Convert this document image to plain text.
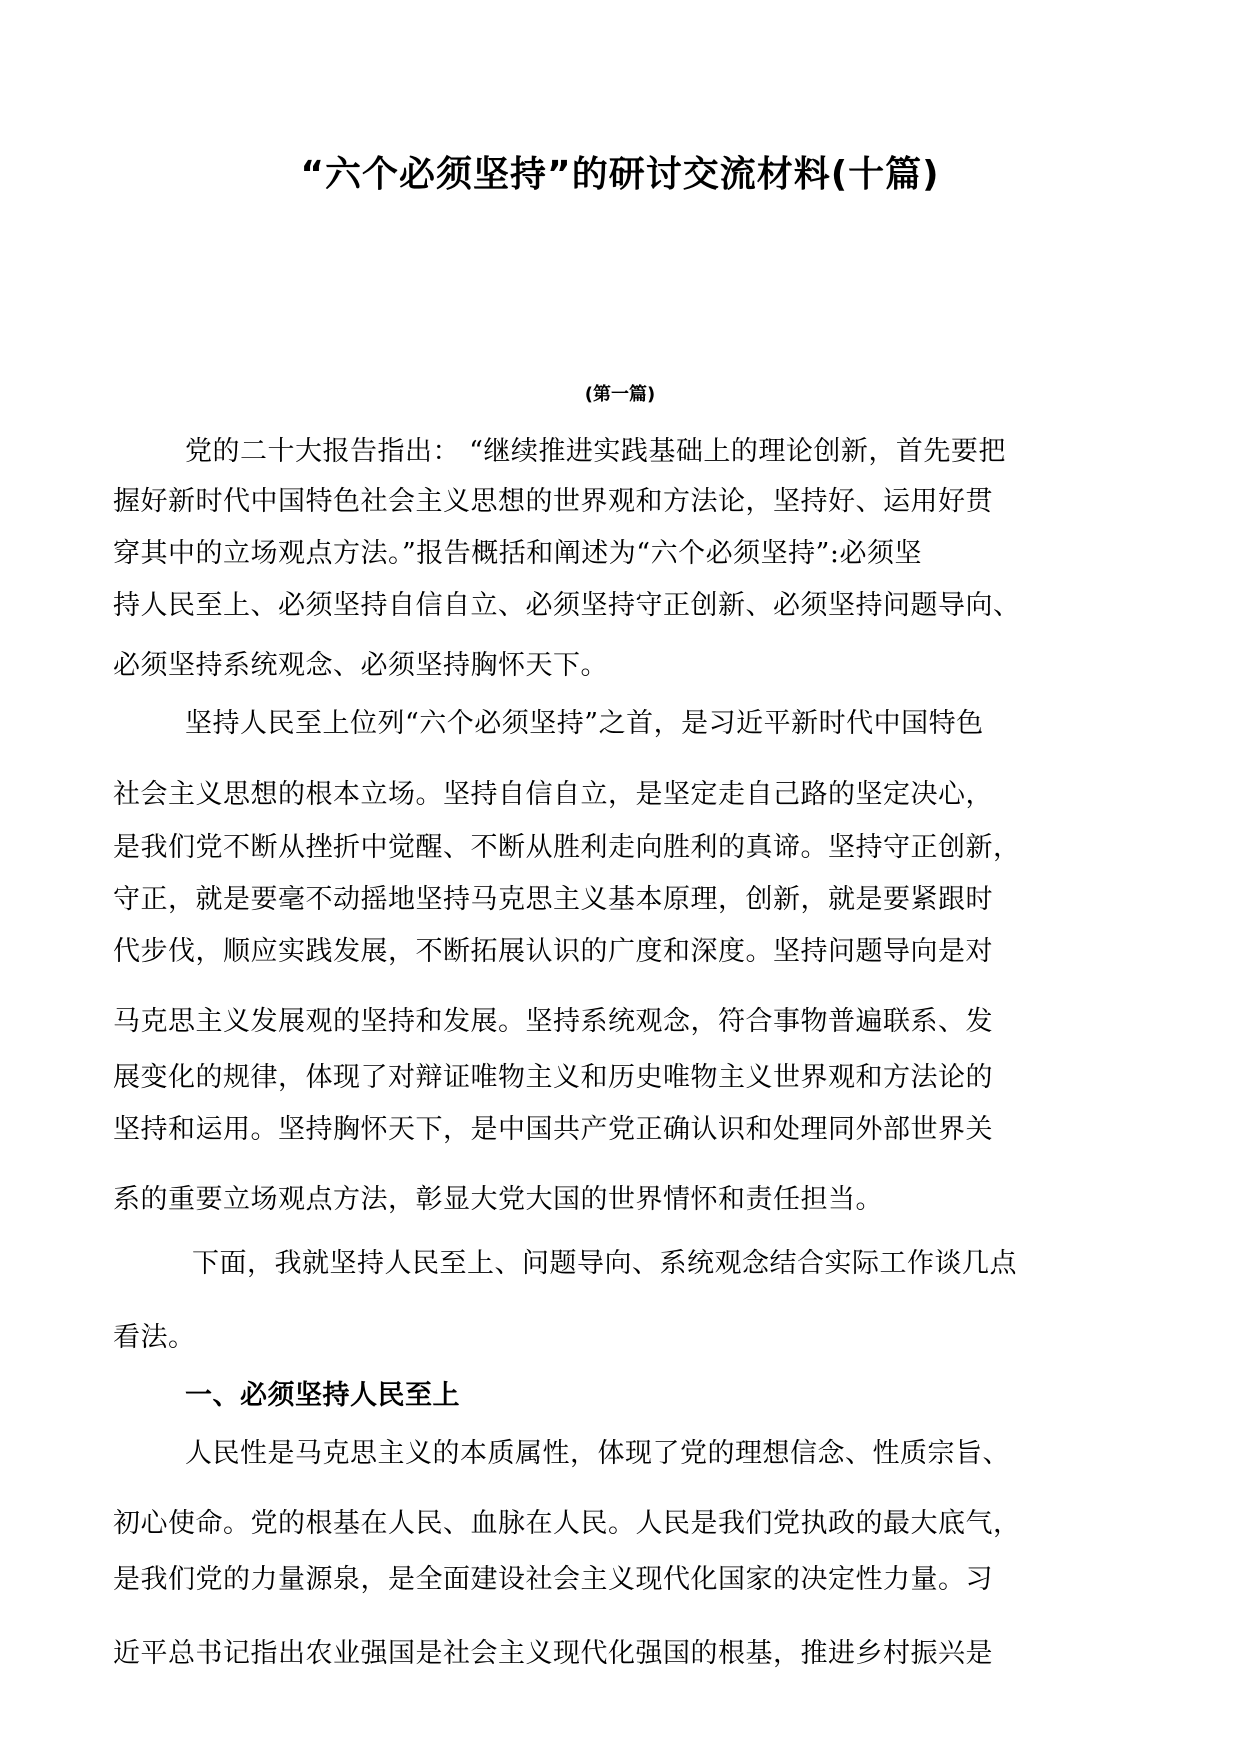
“六个必须坚持”的研讨交流材料(十篇)
(第一篇)
党的二十大报告指出： “继续推进实践基础上的理论创新，首先要把
握好新时代中国特色社会主义思想的世界观和方法论，坚持好、运用好贯
穿其中的立场观点方法。”报告概括和阐述为“六个必须坚持”:必须坚
持人民至上、必须坚持自信自立、必须坚持守正创新、必须坚持问题导向、
必须坚持系统观念、必须坚持胸怀天下。
坚持人民至上位列“六个必须坚持”之首，是习近平新时代中国特色
社会主义思想的根本立场。坚持自信自立，是坚定走自己路的坚定决心，
是我们党不断从挫折中觉醒、不断从胜利走向胜利的真谛。坚持守正创新，
守正，就是要毫不动摇地坚持马克思主义基本原理，创新，就是要紧跟时
代步伐，顺应实践发展，不断拓展认识的广度和深度。坚持问题导向是对
马克思主义发展观的坚持和发展。坚持系统观念，符合事物普遍联系、发
展变化的规律，体现了对辩证唯物主义和历史唯物主义世界观和方法论的
坚持和运用。坚持胸怀天下，是中国共产党正确认识和处理同外部世界关
系的重要立场观点方法，彰显大党大国的世界情怀和责任担当。
下面，我就坚持人民至上、问题导向、系统观念结合实际工作谈几点
看法。
一、必须坚持人民至上
人民性是马克思主义的本质属性，体现了党的理想信念、性质宗旨、
初心使命。党的根基在人民、血脉在人民。人民是我们党执政的最大底气，
是我们党的力量源泉，是全面建设社会主义现代化国家的决定性力量。习
近平总书记指出农业强国是社会主义现代化强国的根基，推进乡村振兴是
